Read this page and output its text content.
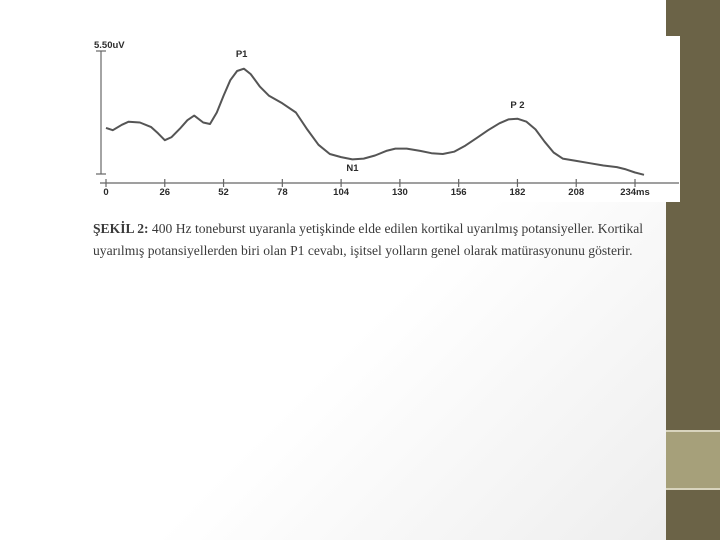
5.50uV
0	26	52	78	104	130	156	182	208	234ms
P1
N1
P 2
ŞEKİL 2: 400 Hz toneburst uyaranla yetişkinde elde edilen kortikal uyarılmış potansiyeller. Kortikal uyarılmış potansiyellerden biri olan P1 cevabı, işitsel yolların genel olarak matürasyonunu gösterir.
